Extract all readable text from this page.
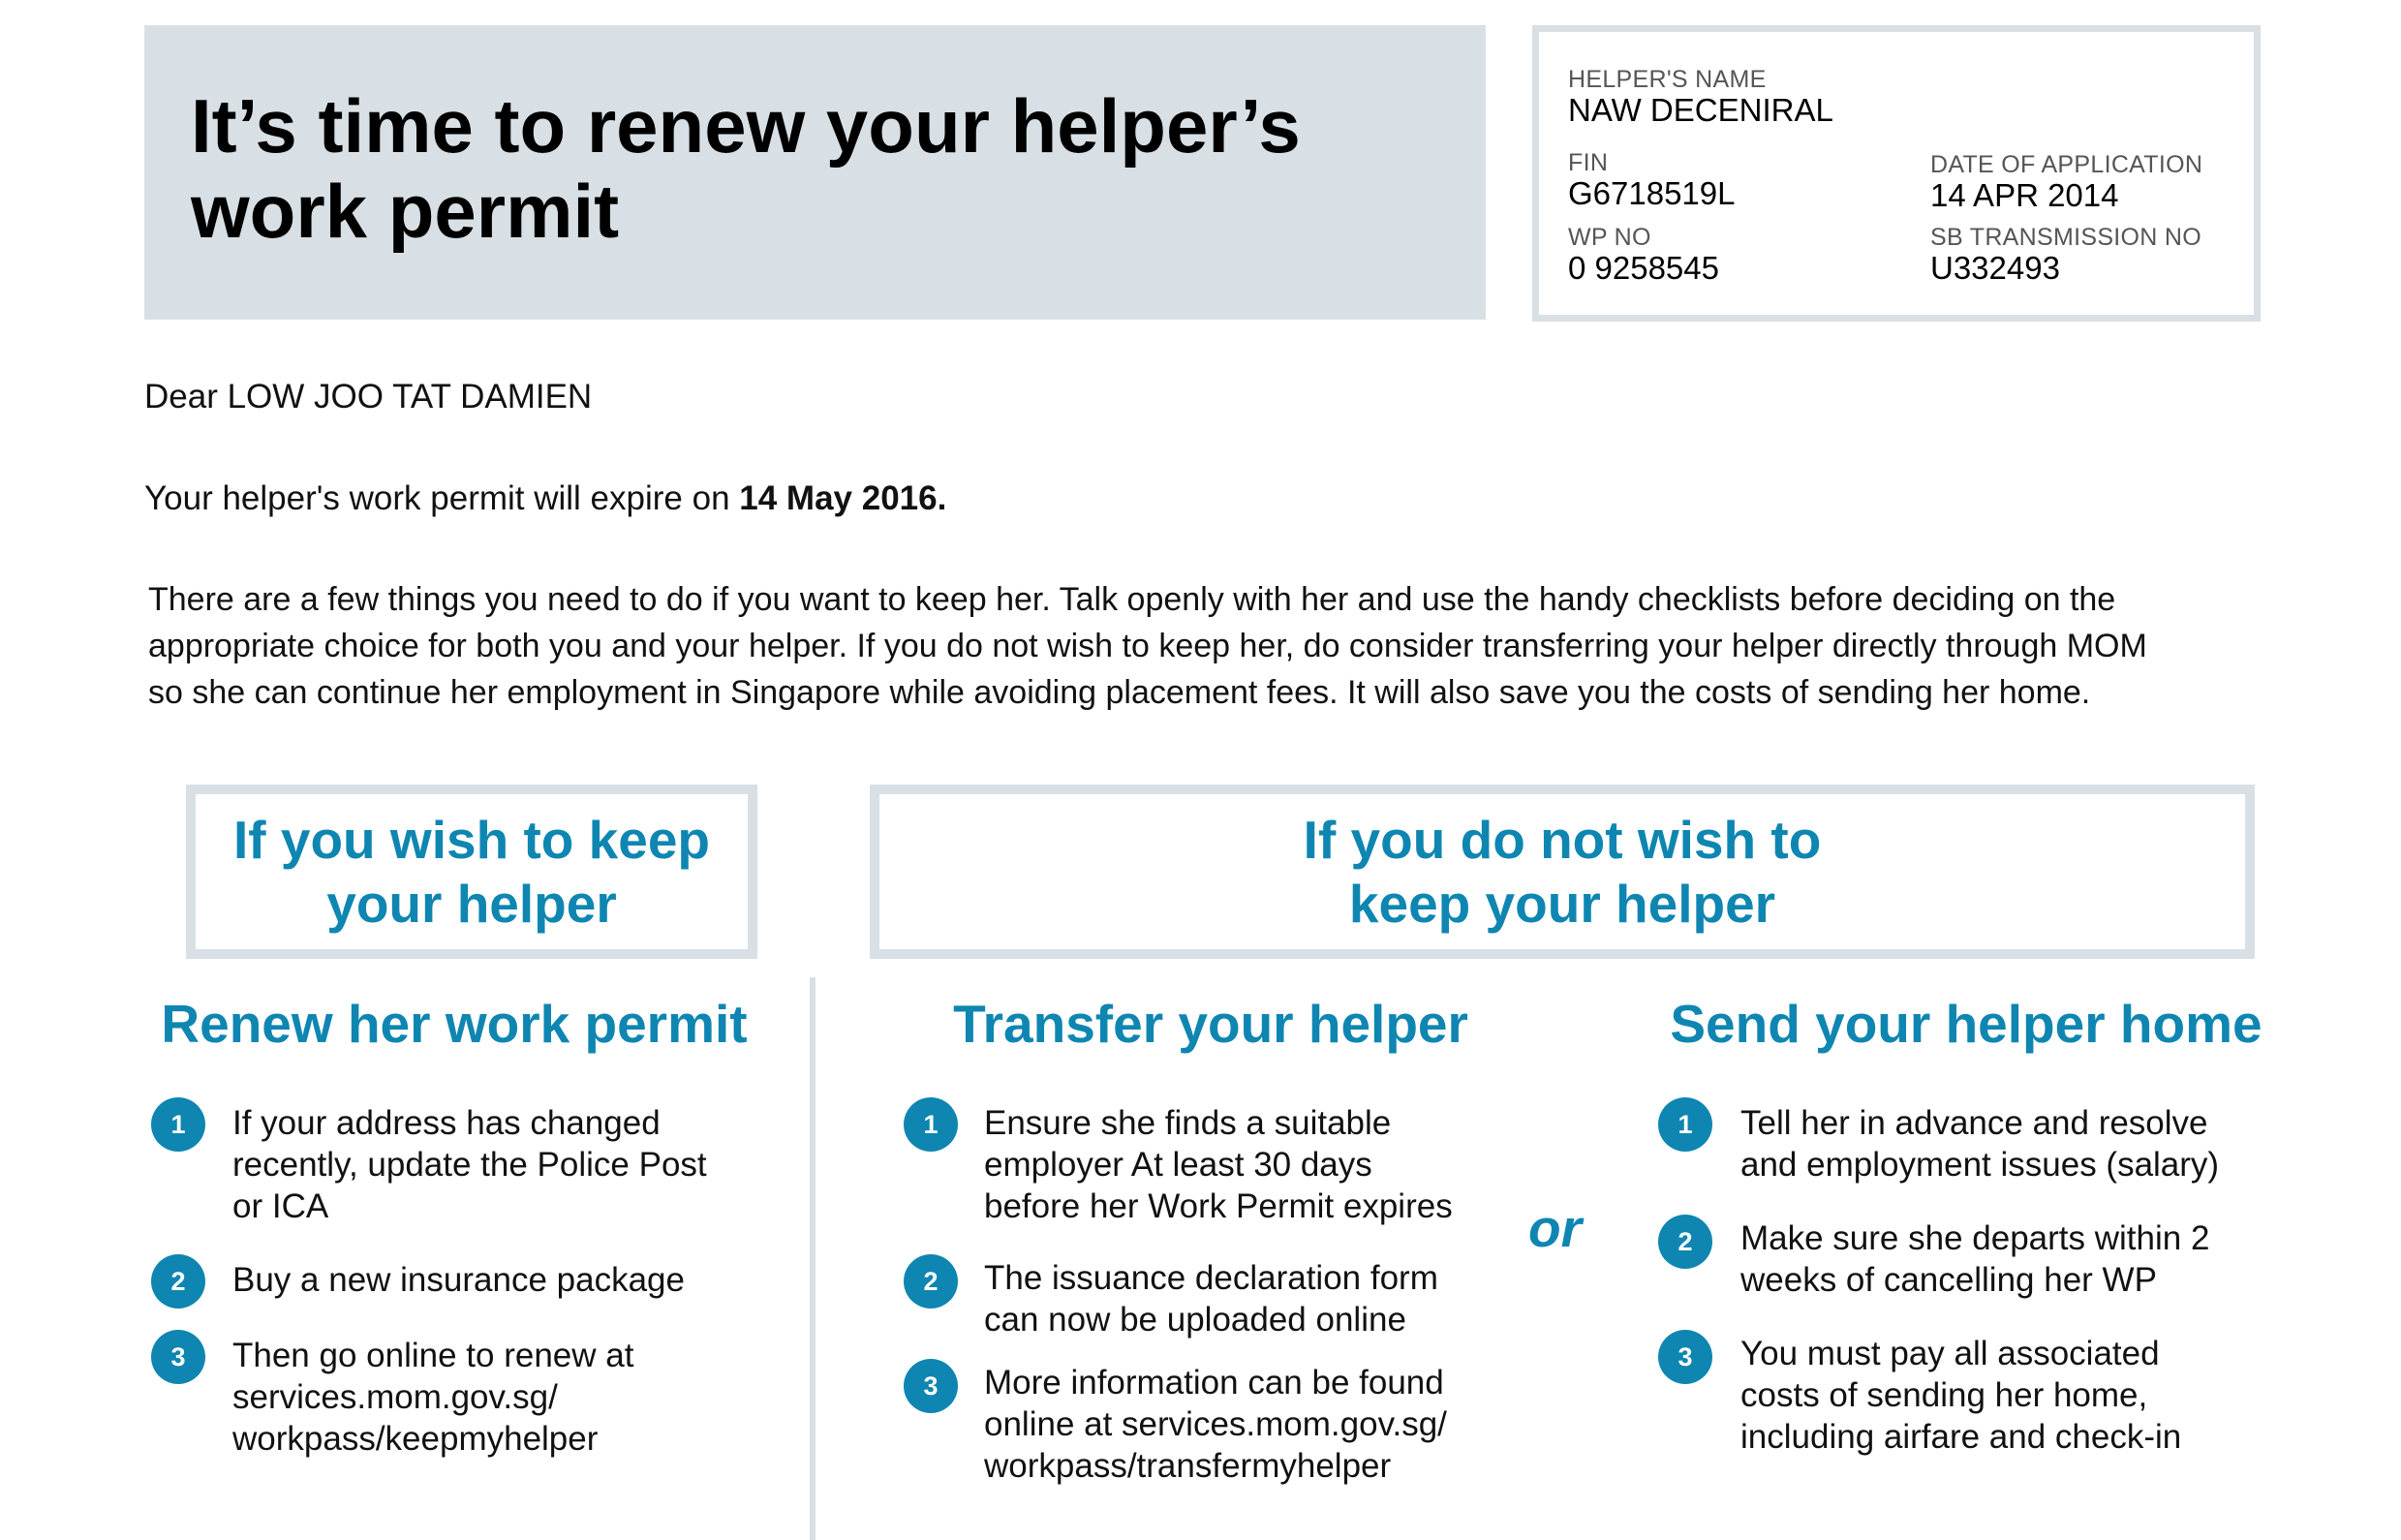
It’s time to renew your helper’s
work permit
HELPER'S NAME
NAW DECENIRAL
FIN
G6718519L
DATE OF APPLICATION
14 APR 2014
WP NO
0 9258545
SB TRANSMISSION NO
U332493
Dear LOW JOO TAT DAMIEN
Your helper's work permit will expire on 14 May 2016.
There are a few things you need to do if you want to keep her. Talk openly with her and use the handy checklists before deciding on the
appropriate choice for both you and your helper. If you do not wish to keep her, do consider transferring your helper directly through MOM
so she can continue her employment in Singapore while avoiding placement fees. It will also save you the costs of sending her home.
If you wish to keep
your helper
If you do not wish to
keep your helper
or
Renew her work permit
1	If your address has changed
recently, update the Police Post
or ICA
2	Buy a new insurance package
3	Then go online to renew at
services.mom.gov.sg/
workpass/keepmyhelper
Transfer your helper
1	Ensure she finds a suitable
employer At least 30 days
before her Work Permit expires
2	The issuance declaration form
can now be uploaded online
3	More information can be found
online at services.mom.gov.sg/
workpass/transfermyhelper
Send your helper home
1	Tell her in advance and resolve
and employment issues (salary)
2	Make sure she departs within 2
weeks of cancelling her WP
3	You must pay all associated
costs of sending her home,
including airfare and check-in
